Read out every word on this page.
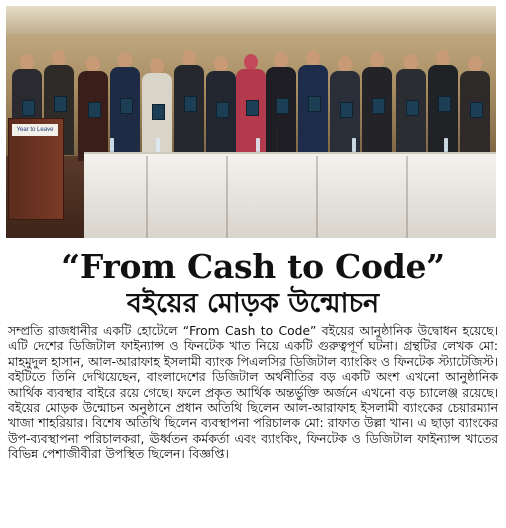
Year to Leave
“From Cash to Code”
বইয়ের মোড়ক উন্মোচন
সম্প্রতি রাজধানীর একটি হোটেলে “From Cash to Code” বইয়ের আনুষ্ঠানিক উদ্বোধন হয়েছে। এটি দেশের ডিজিটাল ফাইন্যান্স ও ফিনটেক খাত নিয়ে একটি গুরুত্বপূর্ণ ঘটনা। গ্রন্থটির লেখক মো: মাহমুদুল হাসান, আল-আরাফাহ ইসলামী ব্যাংক পিএলসির ডিজিটাল ব্যাংকিং ও ফিনটেক স্ট্যাটেজিস্ট। বইটিতে তিনি দেখিয়েছেন, বাংলাদেশের ডিজিটাল অর্থনীতির বড় একটি অংশ এখনো আনুষ্ঠানিক আর্থিক ব্যবস্থার বাইরে রয়ে গেছে। ফলে প্রকৃত আর্থিক অন্তর্ভুক্তি অর্জনে এখনো বড় চ্যালেঞ্জ রয়েছে। বইয়ের মোড়ক উন্মোচন অনুষ্ঠানে প্রধান অতিথি ছিলেন আল-আরাফাহ ইসলামী ব্যাংকের চেয়ারম্যান খাজা শাহরিয়ার। বিশেষ অতিথি ছিলেন ব্যবস্থাপনা পরিচালক মো: রাফাত উল্লা খান। এ ছাড়া ব্যাংকের উপ-ব্যবস্থাপনা পরিচালকরা, ঊর্ধ্বতন কর্মকর্তা এবং ব্যাংকিং, ফিনটেক ও ডিজিটাল ফাইন্যান্স খাতের বিভিন্ন পেশাজীবীরা উপস্থিত ছিলেন। বিজ্ঞপ্তি।
